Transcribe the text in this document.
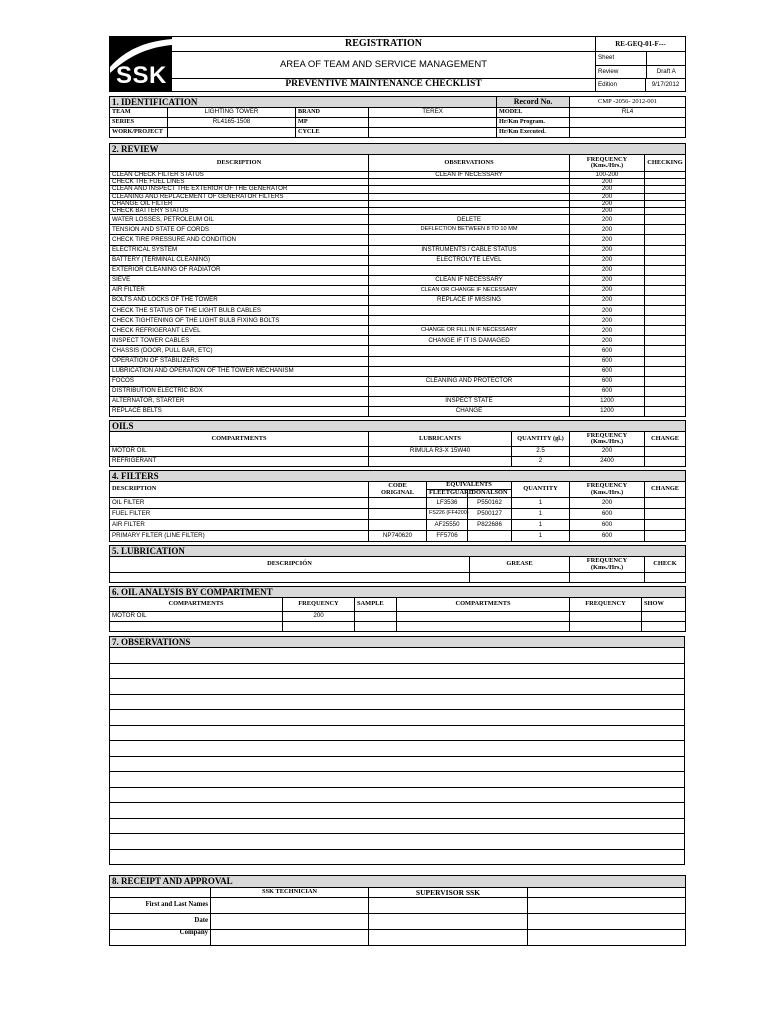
SSK
	REGISTRATION	RE-GEQ-01-F---
AREA OF TEAM AND SERVICE MANAGEMENT	
Sheet	
Review	Draft A

PREVENTIVE MAINTENANCE CHECKLIST	Edition	9/17/2012
1. IDENTIFICATION				Record No.	CMP -2056- 2012-001
TEAM	LIGHTING TOWER	BRAND	TEREX	MODEL	RL4
SERIES	RL4165-1508	MP		Hr/Km Program.	
WORK/PROJECT		CYCLE		Hr/Km Executed.	
2. REVIEW			
DESCRIPTION	OBSERVATIONS	FREQUENCY
(Kms./Hrs.)	CHECKING
CLEAN CHECK FILTER STATUS	CLEAN IF NECESSARY	100-200	
CHECK THE FUEL LINES		200	
CLEAN AND INSPECT THE EXTERIOR OF THE GENERATOR		200	
CLEANING AND REPLACEMENT OF GENERATOR FILTERS		200	
CHANGE OIL FILTER		200	
CHECK BATTERY STATUS		200	
WATER LOSSES, PETROLEUM OIL	DELETE	200	
TENSION AND STATE OF CORDS	DEFLECTION BETWEEN 8 TO 10 MM	200	
CHECK TIRE PRESSURE AND CONDITION		200	
ELECTRICAL SYSTEM	INSTRUMENTS / CABLE STATUS	200	
BATTERY (TERMINAL CLEANING)	ELECTROLYTE LEVEL	200	
EXTERIOR CLEANING OF RADIATOR		200	
SIEVE	CLEAN IF NECESSARY	200	
AIR FILTER	CLEAN OR CHANGE IF NECESSARY	200	
BOLTS AND LOCKS OF THE TOWER	REPLACE IF MISSING	200	
CHECK THE STATUS OF THE LIGHT BULB CABLES		200	
CHECK TIGHTENING OF THE LIGHT BULB FIXING BOLTS		200	
CHECK REFRIGERANT LEVEL	CHANGE OR FILL IN IF NECESSARY	200	
INSPECT TOWER CABLES	CHANGE IF IT IS DAMAGED	200	
CHASSIS (DOOR, PULL BAR, ETC)		600	
OPERATION OF STABILIZERS		600	
LUBRICATION AND OPERATION OF THE TOWER MECHANISM		600	
FOCOS	CLEANING AND PROTECTOR	600	
DISTRIBUTION ELECTRIC BOX		600	
ALTERNATOR, STARTER	INSPECT STATE	1200	
REPLACE BELTS	CHANGE	1200	
OILS				
COMPARTMENTS	LUBRICANTS	QUANTITY (gl.)	FREQUENCY
(Kms./Hrs.)	CHANGE
MOTOR OIL	RIMULA R3-X 15W40	2.5	200	
REFRIGERANT		2	2400	
4. FILTERS						
DESCRIPTION	CODE
ORIGINAL	EQUIVALENTS		QUANTITY	FREQUENCY
(Kms./Hrs.)	CHANGE
		FLEETGUARD	DONALSON			
OIL FILTER		LF3536	P550162	1	200	
FUEL FILTER		FS226 (FF4200)	P500127	1	600	
AIR FILTER		AF25550	P822686	1	600	
PRIMARY FILTER (LINE FILTER)	NP740620	FF5706		1	600	
5. LUBRICATION			
DESCRIPCIÓN	GREASE	FREQUENCY
(Kms./Hrs.)	CHECK

6. OIL ANALYSIS BY COMPARTMENT					
COMPARTMENTS	FREQUENCY	SAMPLE	COMPARTMENTS	FREQUENCY	SHOW
MOTOR OIL	200				

7. OBSERVATIONS

8. RECEIPT AND APPROVAL			
	SSK TECHNICIAN	SUPERVISOR SSK	
First and Last Names			
Date			
Company			
